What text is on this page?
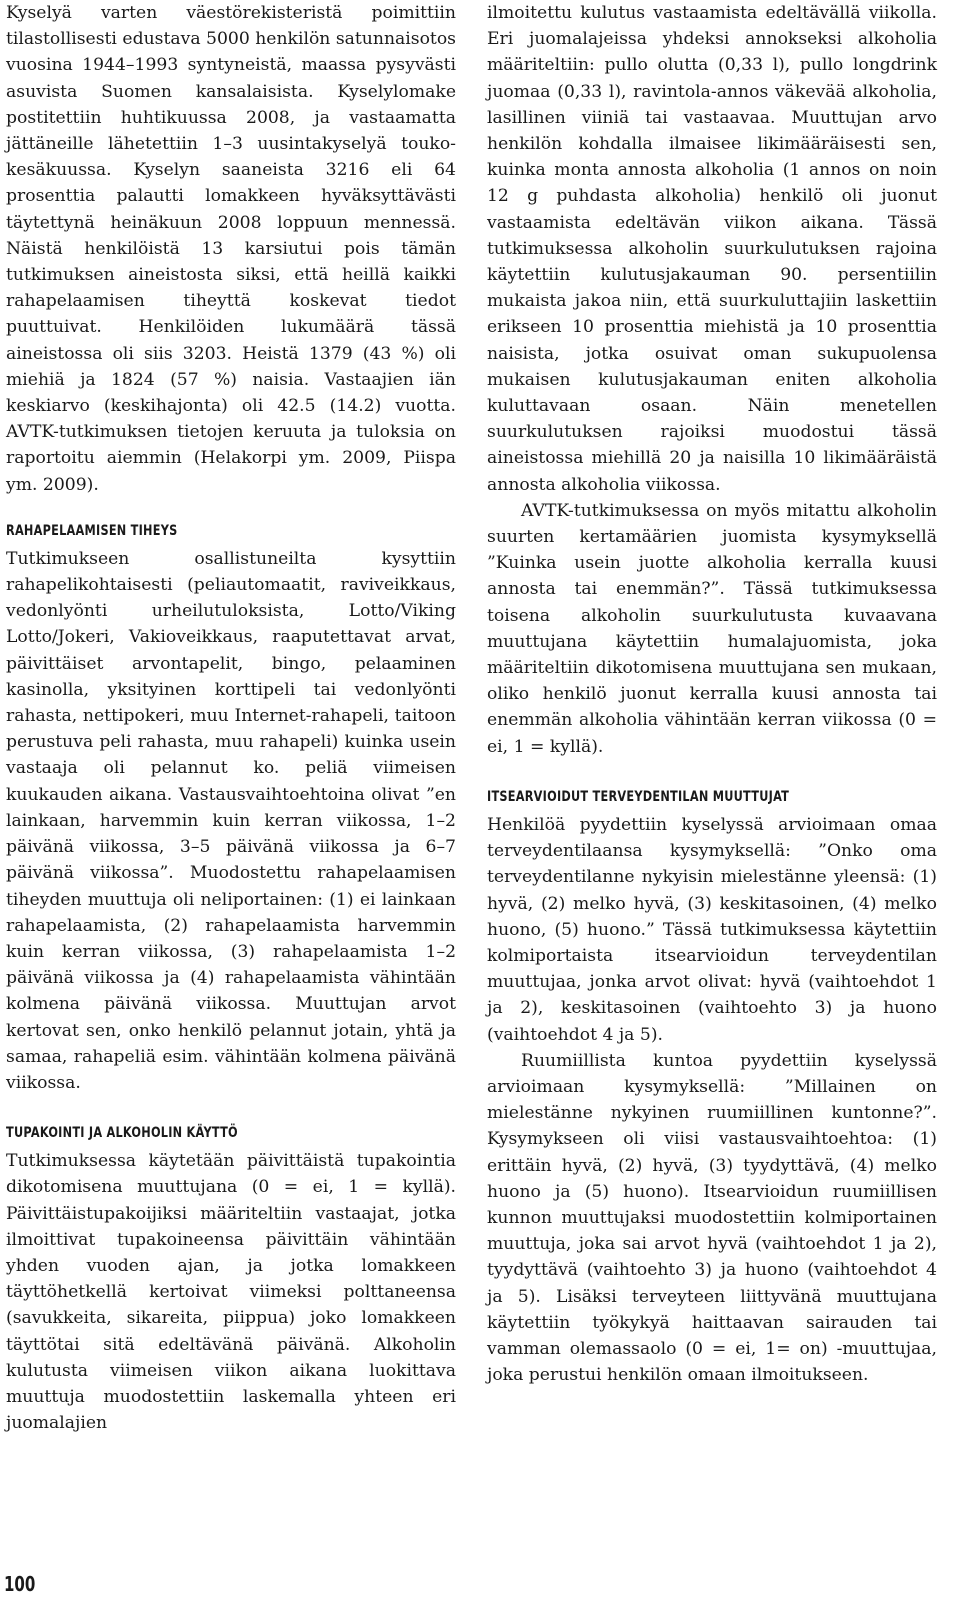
Kyselyä varten väestörekisteristä poimittiin tilastollisesti edustava 5000 henkilön satunnaisotos vuosina 1944–1993 syntyneistä, maassa pysyvästi asuvista Suomen kansalaisista. Kyselylomake postitettiin huhtikuussa 2008, ja vastaamatta jättäneille lähetettiin 1–3 uusintakyselyä touko-kesäkuussa. Kyselyn saaneista 3216 eli 64 prosenttia palautti lomakkeen hyväksyttävästi täytettynä heinäkuun 2008 loppuun mennessä. Näistä henkilöistä 13 karsiutui pois tämän tutkimuksen aineistosta siksi, että heillä kaikki rahapelaamisen tiheyttä koskevat tiedot puuttuivat. Henkilöiden lukumäärä tässä aineistossa oli siis 3203. Heistä 1379 (43 %) oli miehiä ja 1824 (57 %) naisia. Vastaajien iän keskiarvo (keskihajonta) oli 42.5 (14.2) vuotta. AVTK-tutkimuksen tietojen keruuta ja tuloksia on raportoitu aiemmin (Helakorpi ym. 2009, Piispa ym. 2009).

RAHAPELAAMISEN TIHEYS

Tutkimukseen osallistuneilta kysyttiin rahapelikohtaisesti (peliautomaatit, raviveikkaus, vedonlyönti urheilutuloksista, Lotto/Viking Lotto/Jokeri, Vakioveikkaus, raaputettavat arvat, päivittäiset arvontapelit, bingo, pelaaminen kasinolla, yksityinen korttipeli tai vedonlyönti rahasta, nettipokeri, muu Internet-rahapeli, taitoon perustuva peli rahasta, muu rahapeli) kuinka usein vastaaja oli pelannut ko. peliä viimeisen kuukauden aikana. Vastausvaihtoehtoina olivat ”en lainkaan, harvemmin kuin kerran viikossa, 1–2 päivänä viikossa, 3–5 päivänä viikossa ja 6–7 päivänä viikossa”. Muodostettu rahapelaamisen tiheyden muuttuja oli neliportainen: (1) ei lainkaan rahapelaamista, (2) rahapelaamista harvemmin kuin kerran viikossa, (3) rahapelaamista 1–2 päivänä viikossa ja (4) rahapelaamista vähintään kolmena päivänä viikossa. Muuttujan arvot kertovat sen, onko henkilö pelannut jotain, yhtä ja samaa, rahapeliä esim. vähintään kolmena päivänä viikossa.

TUPAKOINTI JA ALKOHOLIN KÄYTTÖ

Tutkimuksessa käytetään päivittäistä tupakointia dikotomisena muuttujana (0 = ei, 1 = kyllä). Päivittäistupakoijiksi määriteltiin vastaajat, jotka ilmoittivat tupakoineensa päivittäin vähintään yhden vuoden ajan, ja jotka lomakkeen täyttöhetkellä kertoivat viimeksi polttaneensa (savukkeita, sikareita, piippua) joko lomakkeen täyttötai sitä edeltävänä päivänä. Alkoholin kulutusta viimeisen viikon aikana luokittava muuttuja muodostettiin laskemalla yhteen eri juomalajien

ilmoitettu kulutus vastaamista edeltävällä viikolla. Eri juomalajeissa yhdeksi annokseksi alkoholia määriteltiin: pullo olutta (0,33 l), pullo longdrink juomaa (0,33 l), ravintola-annos väkevää alkoholia, lasillinen viiniä tai vastaavaa. Muuttujan arvo henkilön kohdalla ilmaisee likimääräisesti sen, kuinka monta annosta alkoholia (1 annos on noin 12 g puhdasta alkoholia) henkilö oli juonut vastaamista edeltävän viikon aikana. Tässä tutkimuksessa alkoholin suurkulutuksen rajoina käytettiin kulutusjakauman 90. persentiilin mukaista jakoa niin, että suurkuluttajiin laskettiin erikseen 10 prosenttia miehistä ja 10 prosenttia naisista, jotka osuivat oman sukupuolensa mukaisen kulutusjakauman eniten alkoholia kuluttavaan osaan. Näin menetellen suurkulutuksen rajoiksi muodostui tässä aineistossa miehillä 20 ja naisilla 10 likimääräistä annosta alkoholia viikossa.

AVTK-tutkimuksessa on myös mitattu alkoholin suurten kertamäärien juomista kysymyksellä ”Kuinka usein juotte alkoholia kerralla kuusi annosta tai enemmän?”. Tässä tutkimuksessa toisena alkoholin suurkulutusta kuvaavana muuttujana käytettiin humalajuomista, joka määriteltiin dikotomisena muuttujana sen mukaan, oliko henkilö juonut kerralla kuusi annosta tai enemmän alkoholia vähintään kerran viikossa (0 = ei, 1 = kyllä).

ITSEARVIOIDUT TERVEYDENTILAN MUUTTUJAT

Henkilöä pyydettiin kyselyssä arvioimaan omaa terveydentilaansa kysymyksellä: ”Onko oma terveydentilanne nykyisin mielestänne yleensä: (1) hyvä, (2) melko hyvä, (3) keskitasoinen, (4) melko huono, (5) huono.” Tässä tutkimuksessa käytettiin kolmiportaista itsearvioidun terveydentilan muuttujaa, jonka arvot olivat: hyvä (vaihtoehdot 1 ja 2), keskitasoinen (vaihtoehto 3) ja huono (vaihtoehdot 4 ja 5).

Ruumiillista kuntoa pyydettiin kyselyssä arvioimaan kysymyksellä: ”Millainen on mielestänne nykyinen ruumiillinen kuntonne?”. Kysymykseen oli viisi vastausvaihtoehtoa: (1) erittäin hyvä, (2) hyvä, (3) tyydyttävä, (4) melko huono ja (5) huono). Itsearvioidun ruumiillisen kunnon muuttujaksi muodostettiin kolmiportainen muuttuja, joka sai arvot hyvä (vaihtoehdot 1 ja 2), tyydyttävä (vaihtoehto 3) ja huono (vaihtoehdot 4 ja 5). Lisäksi terveyteen liittyvänä muuttujana käytettiin työkykyä haittaavan sairauden tai vamman olemassaolo (0 = ei, 1= on) -muuttujaa, joka perustui henkilön omaan ilmoitukseen.

100
